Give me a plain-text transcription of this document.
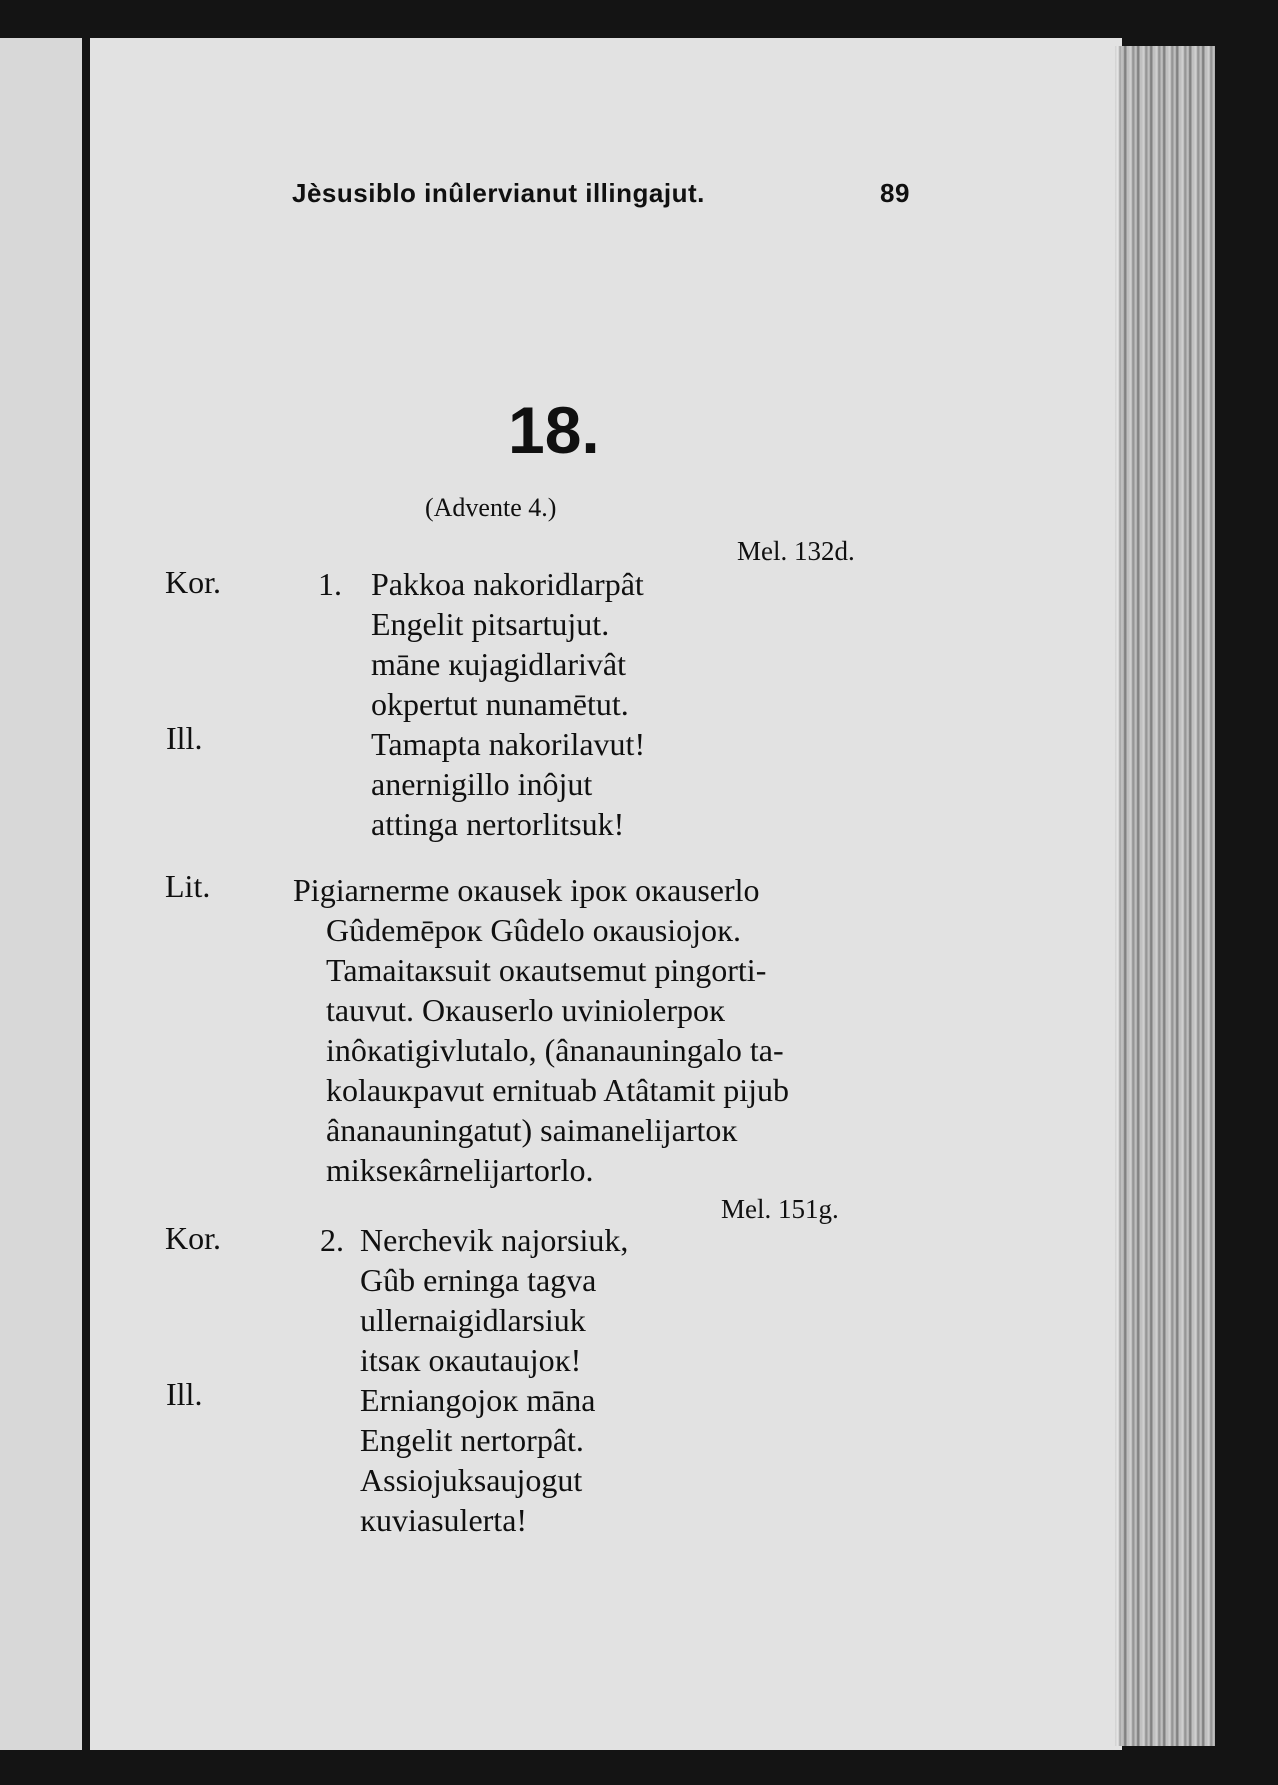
Jèsusiblo inûlervianut illingajut.	89
18.
(Advente 4.)
Mel. 132d.
Kor.
Ill.
1. Pakkoa nakoridlarpât
Engelit pitsartujut.
māne ĸujagidlarivât
okpertut nunamētut.
Tamapta nakorilavut!
anernigillo inôjut
attinga nertorlitsuk!
Lit.	Pigiarnerme oĸausek ipoĸ oĸauserlo
Gûdemēpoĸ Gûdelo oĸausiojoĸ.
Tamaitaĸsuit oĸautsemut pingorti-
tauvut. Oĸauserlo uviniolerpoĸ
inôĸatigivlutalo, (ânanauningalo ta-
kolauĸpavut ernituab Atâtamit pijub
ânanauningatut) saimanelijartoĸ
mikseĸârnelijartorlo.
Mel. 151g.
Kor.
Ill.
2. Nerchevik najorsiuk,
Gûb erninga tagva
ullernaigidlarsiuk
itsaĸ oĸautaujoĸ!
Erniangojoĸ māna
Engelit nertorpât.
Assiojuksaujogut
ĸuviasulerta!
